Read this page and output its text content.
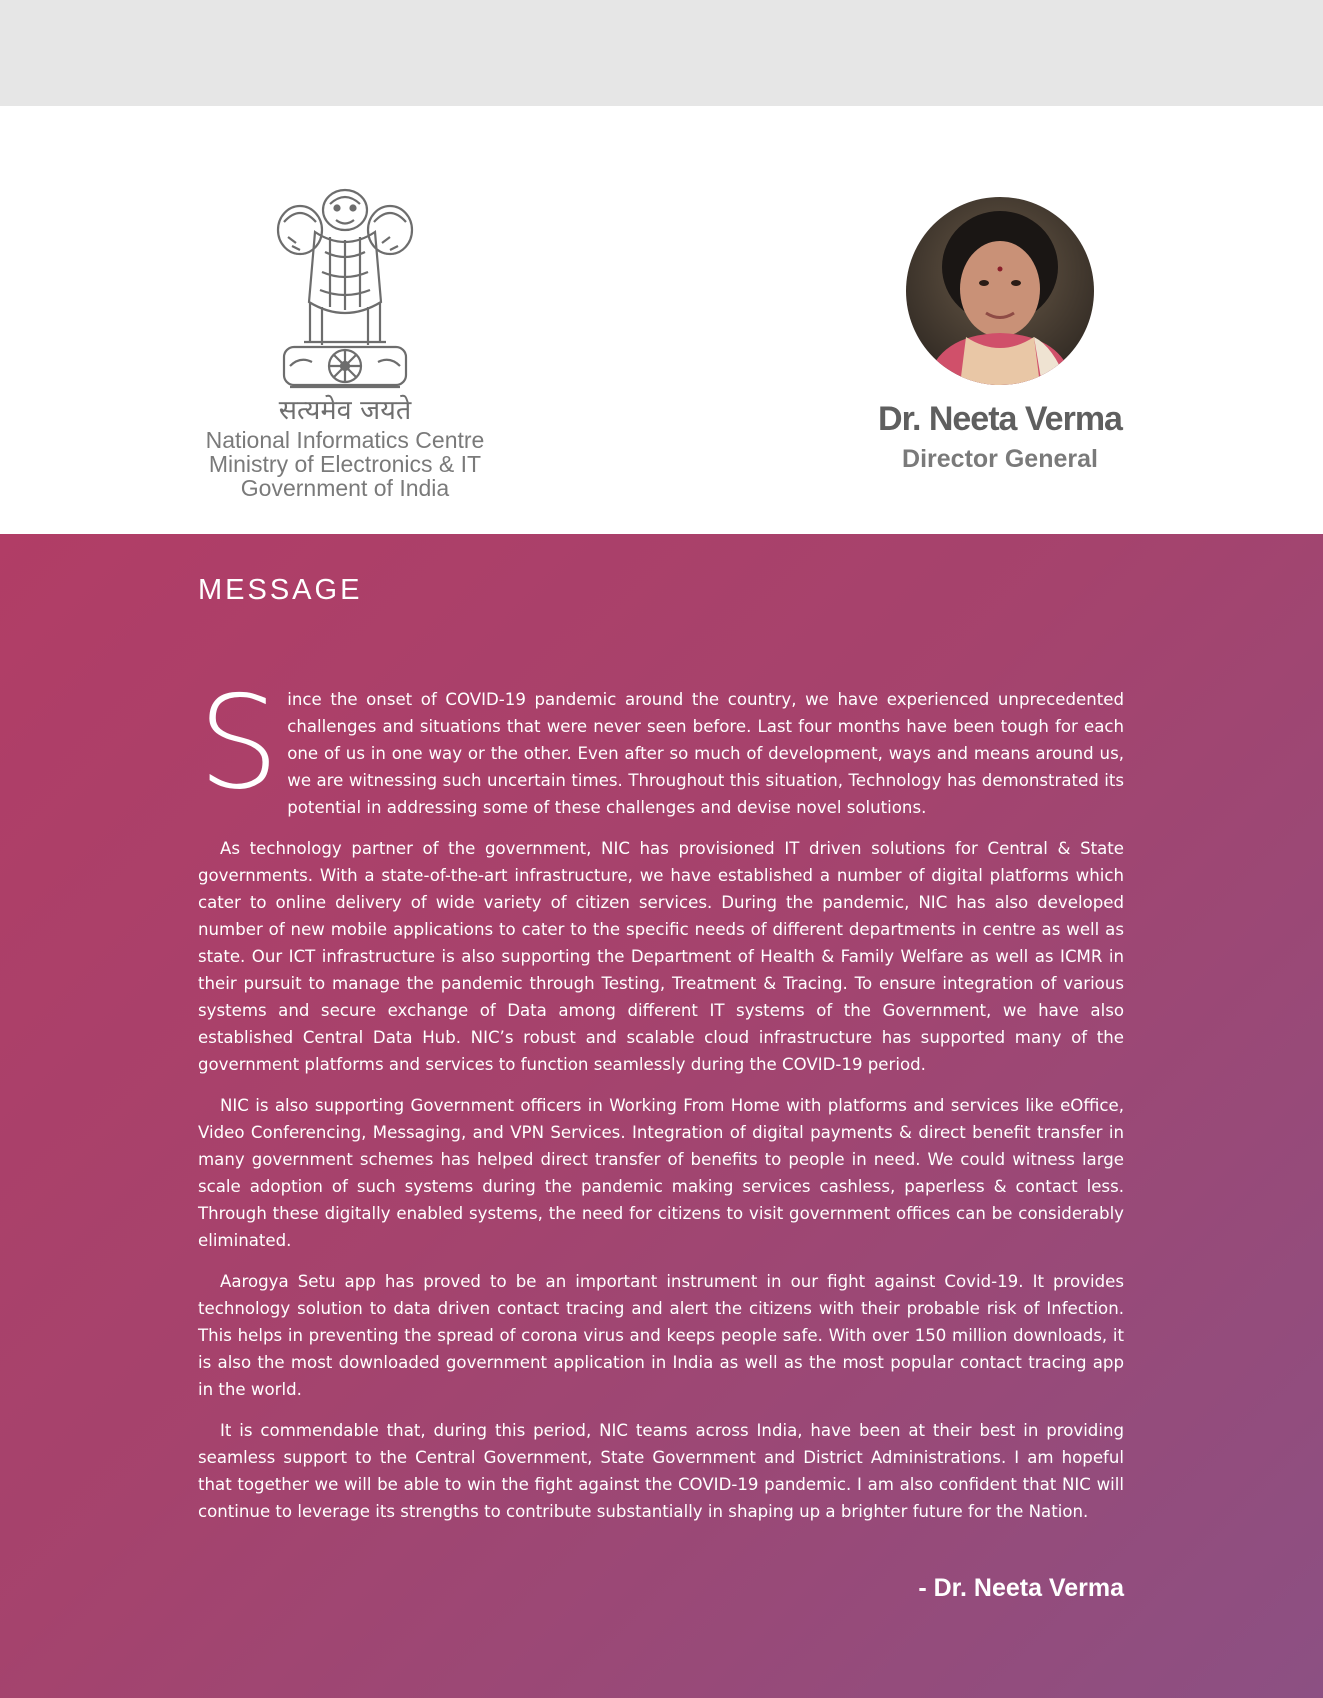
सत्यमेव जयते
National Informatics Centre
Ministry of Electronics & IT
Government of India
Dr. Neeta Verma
Director General
MESSAGE

Since the onset of COVID-19 pandemic around the country, we have experienced unprecedented challenges and situations that were never seen before. Last four months have been tough for each one of us in one way or the other. Even after so much of development, ways and means around us, we are witnessing such uncertain times. Throughout this situation, Technology has demonstrated its potential in addressing some of these challenges and devise novel solutions.

As technology partner of the government, NIC has provisioned IT driven solutions for Central & State governments. With a state-of-the-art infrastructure, we have established a number of digital platforms which cater to online delivery of wide variety of citizen services. During the pandemic, NIC has also developed number of new mobile applications to cater to the specific needs of different departments in centre as well as state. Our ICT infrastructure is also supporting the Department of Health & Family Welfare as well as ICMR in their pursuit to manage the pandemic through Testing, Treatment & Tracing. To ensure integration of various systems and secure exchange of Data among different IT systems of the Government, we have also established Central Data Hub. NIC’s robust and scalable cloud infrastructure has supported many of the government platforms and services to function seamlessly during the COVID-19 period.

NIC is also supporting Government officers in Working From Home with platforms and services like eOffice, Video Conferencing, Messaging, and VPN Services. Integration of digital payments & direct benefit transfer in many government schemes has helped direct transfer of benefits to people in need. We could witness large scale adoption of such systems during the pandemic making services cashless, paperless & contact less. Through these digitally enabled systems, the need for citizens to visit government offices can be considerably eliminated.

Aarogya Setu app has proved to be an important instrument in our fight against Covid-19. It provides technology solution to data driven contact tracing and alert the citizens with their probable risk of Infection. This helps in preventing the spread of corona virus and keeps people safe. With over 150 million downloads, it is also the most downloaded government application in India as well as the most popular contact tracing app in the world.

It is commendable that, during this period, NIC teams across India, have been at their best in providing seamless support to the Central Government, State Government and District Administrations. I am hopeful that together we will be able to win the fight against the COVID-19 pandemic. I am also confident that NIC will continue to leverage its strengths to contribute substantially in shaping up a brighter future for the Nation.

- Dr. Neeta Verma
